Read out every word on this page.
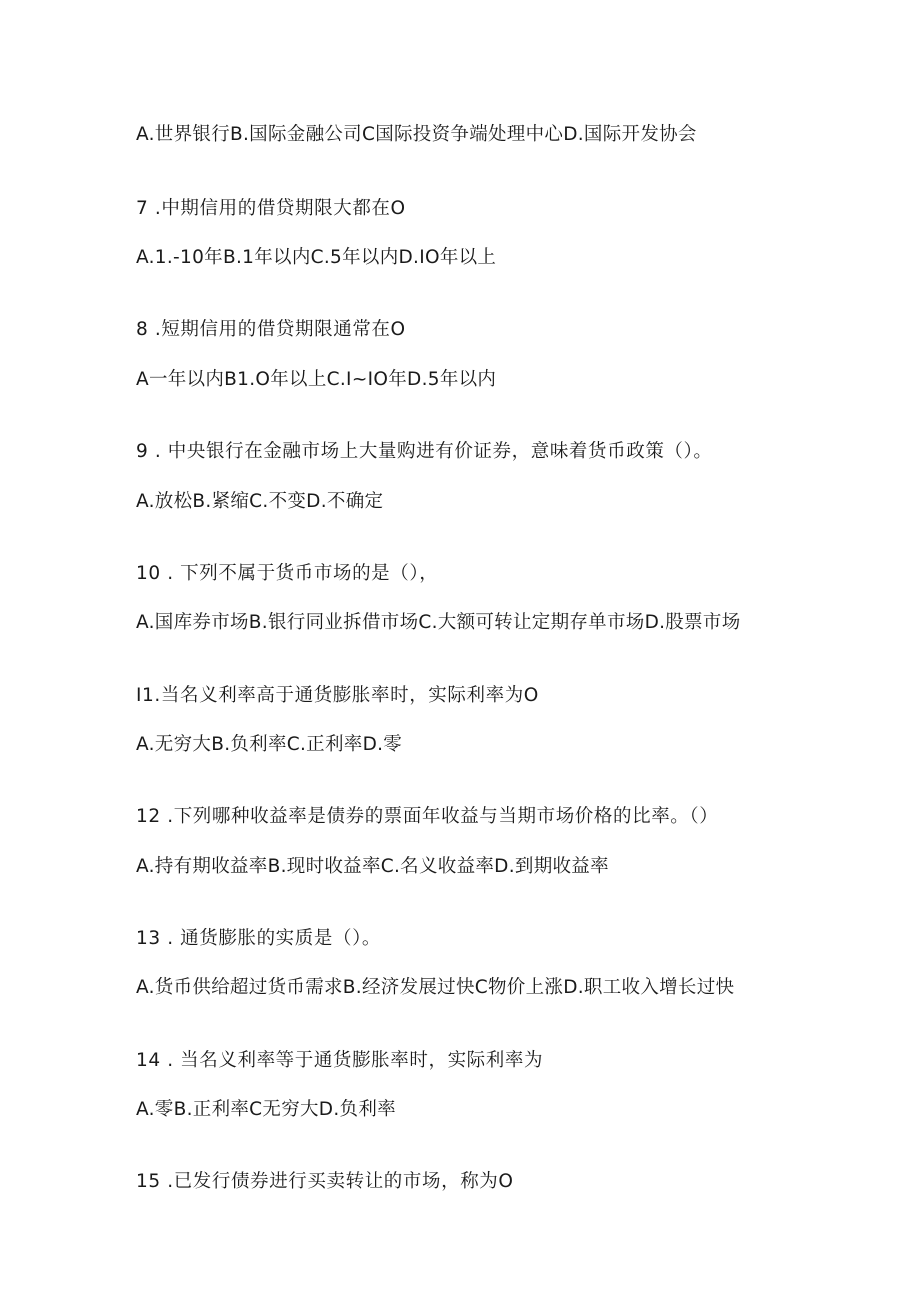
A.世界银行B.国际金融公司C国际投资争端处理中心D.国际开发协会
7 .中期信用的借贷期限大都在O
A.1.-10年B.1年以内C.5年以内D.IO年以上
8 .短期信用的借贷期限通常在O
A一年以内B1.O年以上C.I~IO年D.5年以内
9 . 中央银行在金融市场上大量购进有价证券，意味着货币政策（）。
A.放松B.紧缩C.不变D.不确定
10 . 下列不属于货币市场的是（），
A.国库券市场B.银行同业拆借市场C.大额可转让定期存单市场D.股票市场
I1.当名义利率高于通货膨胀率时，实际利率为O
A.无穷大B.负利率C.正利率D.零
12 .下列哪种收益率是债券的票面年收益与当期市场价格的比率。（）
A.持有期收益率B.现时收益率C.名义收益率D.到期收益率
13 . 通货膨胀的实质是（）。
A.货币供给超过货币需求B.经济发展过快C物价上涨D.职工收入增长过快
14 . 当名义利率等于通货膨胀率时，实际利率为
A.零B.正利率C无穷大D.负利率
15 .已发行债券进行买卖转让的市场，称为O
